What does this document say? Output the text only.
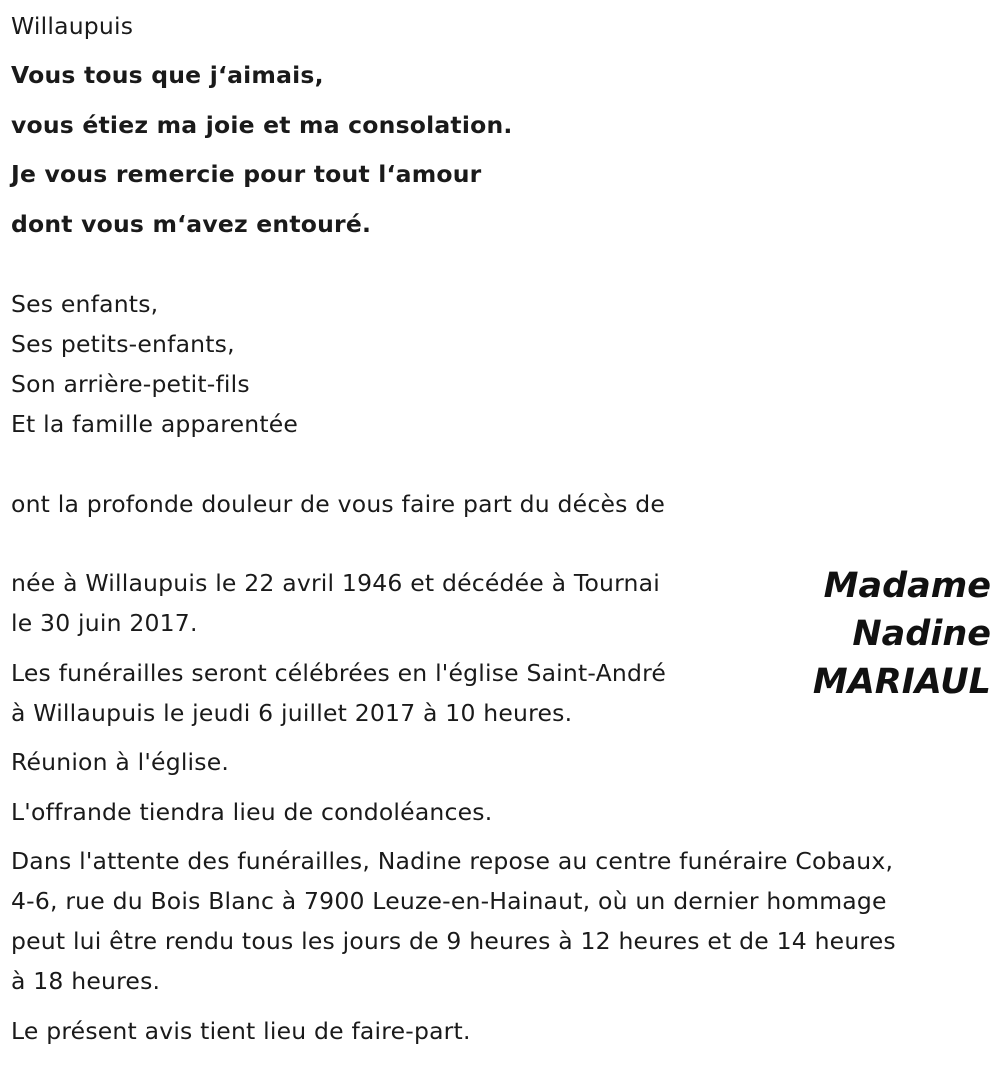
Willaupuis
Vous tous que j‘aimais,
vous étiez ma joie et ma consolation.
Je vous remercie pour tout l‘amour
dont vous m‘avez entouré.
Ses enfants,
Ses petits-enfants,
Son arrière-petit-fils
Et la famille apparentée
ont la profonde douleur de vous faire part du décès de
Madame
Nadine
MARIAUL
née à Willaupuis le 22 avril 1946 et décédée à Tournai
le 30 juin 2017.
Les funérailles seront célébrées en l'église Saint-André
à Willaupuis le jeudi 6 juillet 2017 à 10 heures.
Réunion à l'église.
L'offrande tiendra lieu de condoléances.
Dans l'attente des funérailles, Nadine repose au centre funéraire Cobaux,
4-6, rue du Bois Blanc à 7900 Leuze-en-Hainaut, où un dernier hommage
peut lui être rendu tous les jours de 9 heures à 12 heures et de 14 heures
à 18 heures.
Le présent avis tient lieu de faire-part.
